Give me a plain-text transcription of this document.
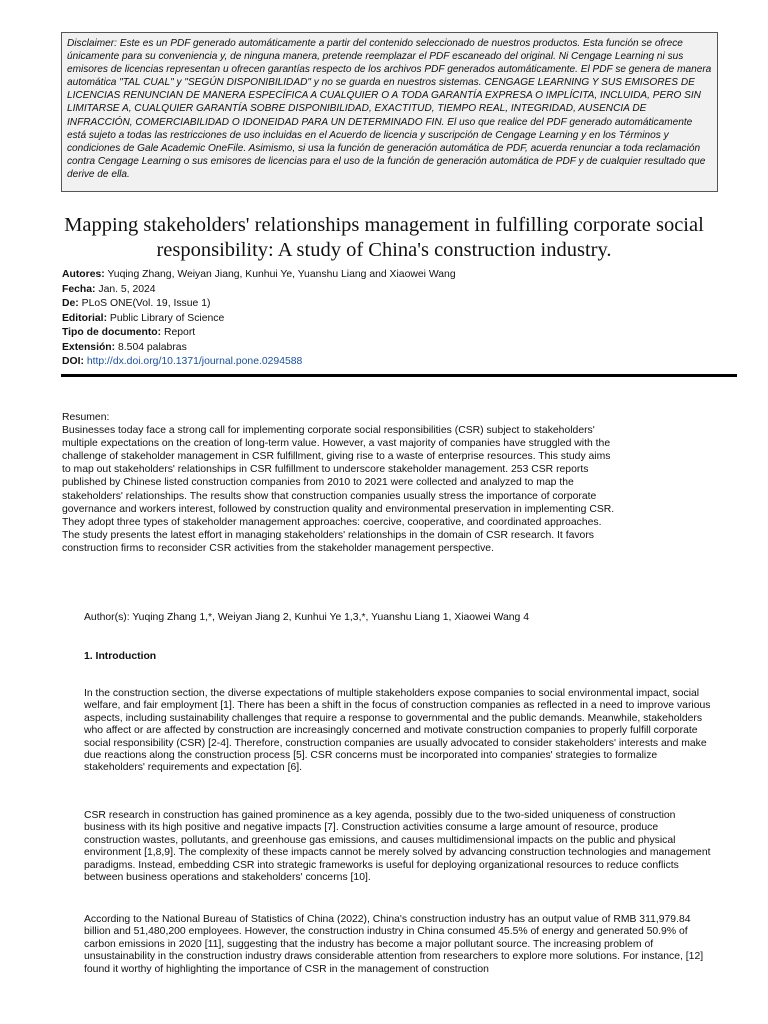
Disclaimer: Este es un PDF generado automáticamente a partir del contenido seleccionado de nuestros productos. Esta función se ofrece únicamente para su conveniencia y, de ninguna manera, pretende reemplazar el PDF escaneado del original. Ni Cengage Learning ni sus emisores de licencias representan u ofrecen garantías respecto de los archivos PDF generados automáticamente. El PDF se genera de manera automática "TAL CUAL" y "SEGÚN DISPONIBILIDAD" y no se guarda en nuestros sistemas. CENGAGE LEARNING Y SUS EMISORES DE LICENCIAS RENUNCIAN DE MANERA ESPECÍFICA A CUALQUIER O A TODA GARANTÍA EXPRESA O IMPLÍCITA, INCLUIDA, PERO SIN LIMITARSE A, CUALQUIER GARANTÍA SOBRE DISPONIBILIDAD, EXACTITUD, TIEMPO REAL, INTEGRIDAD, AUSENCIA DE INFRACCIÓN, COMERCIABILIDAD O IDONEIDAD PARA UN DETERMINADO FIN. El uso que realice del PDF generado automáticamente está sujeto a todas las restricciones de uso incluidas en el Acuerdo de licencia y suscripción de Cengage Learning y en los Términos y condiciones de Gale Academic OneFile. Asimismo, si usa la función de generación automática de PDF, acuerda renunciar a toda reclamación contra Cengage Learning o sus emisores de licencias para el uso de la función de generación automática de PDF y de cualquier resultado que derive de ella.
Mapping stakeholders' relationships management in fulfilling corporate social responsibility: A study of China's construction industry.
Autores: Yuqing Zhang, Weiyan Jiang, Kunhui Ye, Yuanshu Liang and Xiaowei Wang
Fecha: Jan. 5, 2024
De: PLoS ONE(Vol. 19, Issue 1)
Editorial: Public Library of Science
Tipo de documento: Report
Extensión: 8.504 palabras
DOI: http://dx.doi.org/10.1371/journal.pone.0294588

Resumen:

Businesses today face a strong call for implementing corporate social responsibilities (CSR) subject to stakeholders' multiple expectations on the creation of long-term value. However, a vast majority of companies have struggled with the challenge of stakeholder management in CSR fulfillment, giving rise to a waste of enterprise resources. This study aims to map out stakeholders' relationships in CSR fulfillment to underscore stakeholder management. 253 CSR reports published by Chinese listed construction companies from 2010 to 2021 were collected and analyzed to map the stakeholders' relationships. The results show that construction companies usually stress the importance of corporate governance and workers interest, followed by construction quality and environmental preservation in implementing CSR. They adopt three types of stakeholder management approaches: coercive, cooperative, and coordinated approaches. The study presents the latest effort in managing stakeholders' relationships in the domain of CSR research. It favors construction firms to reconsider CSR activities from the stakeholder management perspective.

Author(s): Yuqing Zhang 1,*, Weiyan Jiang 2, Kunhui Ye 1,3,*, Yuanshu Liang 1, Xiaowei Wang 4
1. Introduction

In the construction section, the diverse expectations of multiple stakeholders expose companies to social environmental impact, social welfare, and fair employment [1]. There has been a shift in the focus of construction companies as reflected in a need to improve various aspects, including sustainability challenges that require a response to governmental and the public demands. Meanwhile, stakeholders who affect or are affected by construction are increasingly concerned and motivate construction companies to properly fulfill corporate social responsibility (CSR) [2-4]. Therefore, construction companies are usually advocated to consider stakeholders' interests and make due reactions along the construction process [5]. CSR concerns must be incorporated into companies' strategies to formalize stakeholders' requirements and expectation [6].

CSR research in construction has gained prominence as a key agenda, possibly due to the two-sided uniqueness of construction business with its high positive and negative impacts [7]. Construction activities consume a large amount of resource, produce construction wastes, pollutants, and greenhouse gas emissions, and causes multidimensional impacts on the public and physical environment [1,8,9]. The complexity of these impacts cannot be merely solved by advancing construction technologies and management paradigms. Instead, embedding CSR into strategic frameworks is useful for deploying organizational resources to reduce conflicts between business operations and stakeholders' concerns [10].

According to the National Bureau of Statistics of China (2022), China's construction industry has an output value of RMB 311,979.84 billion and 51,480,200 employees. However, the construction industry in China consumed 45.5% of energy and generated 50.9% of carbon emissions in 2020 [11], suggesting that the industry has become a major pollutant source. The increasing problem of unsustainability in the construction industry draws considerable attention from researchers to explore more solutions. For instance, [12] found it worthy of highlighting the importance of CSR in the management of construction
